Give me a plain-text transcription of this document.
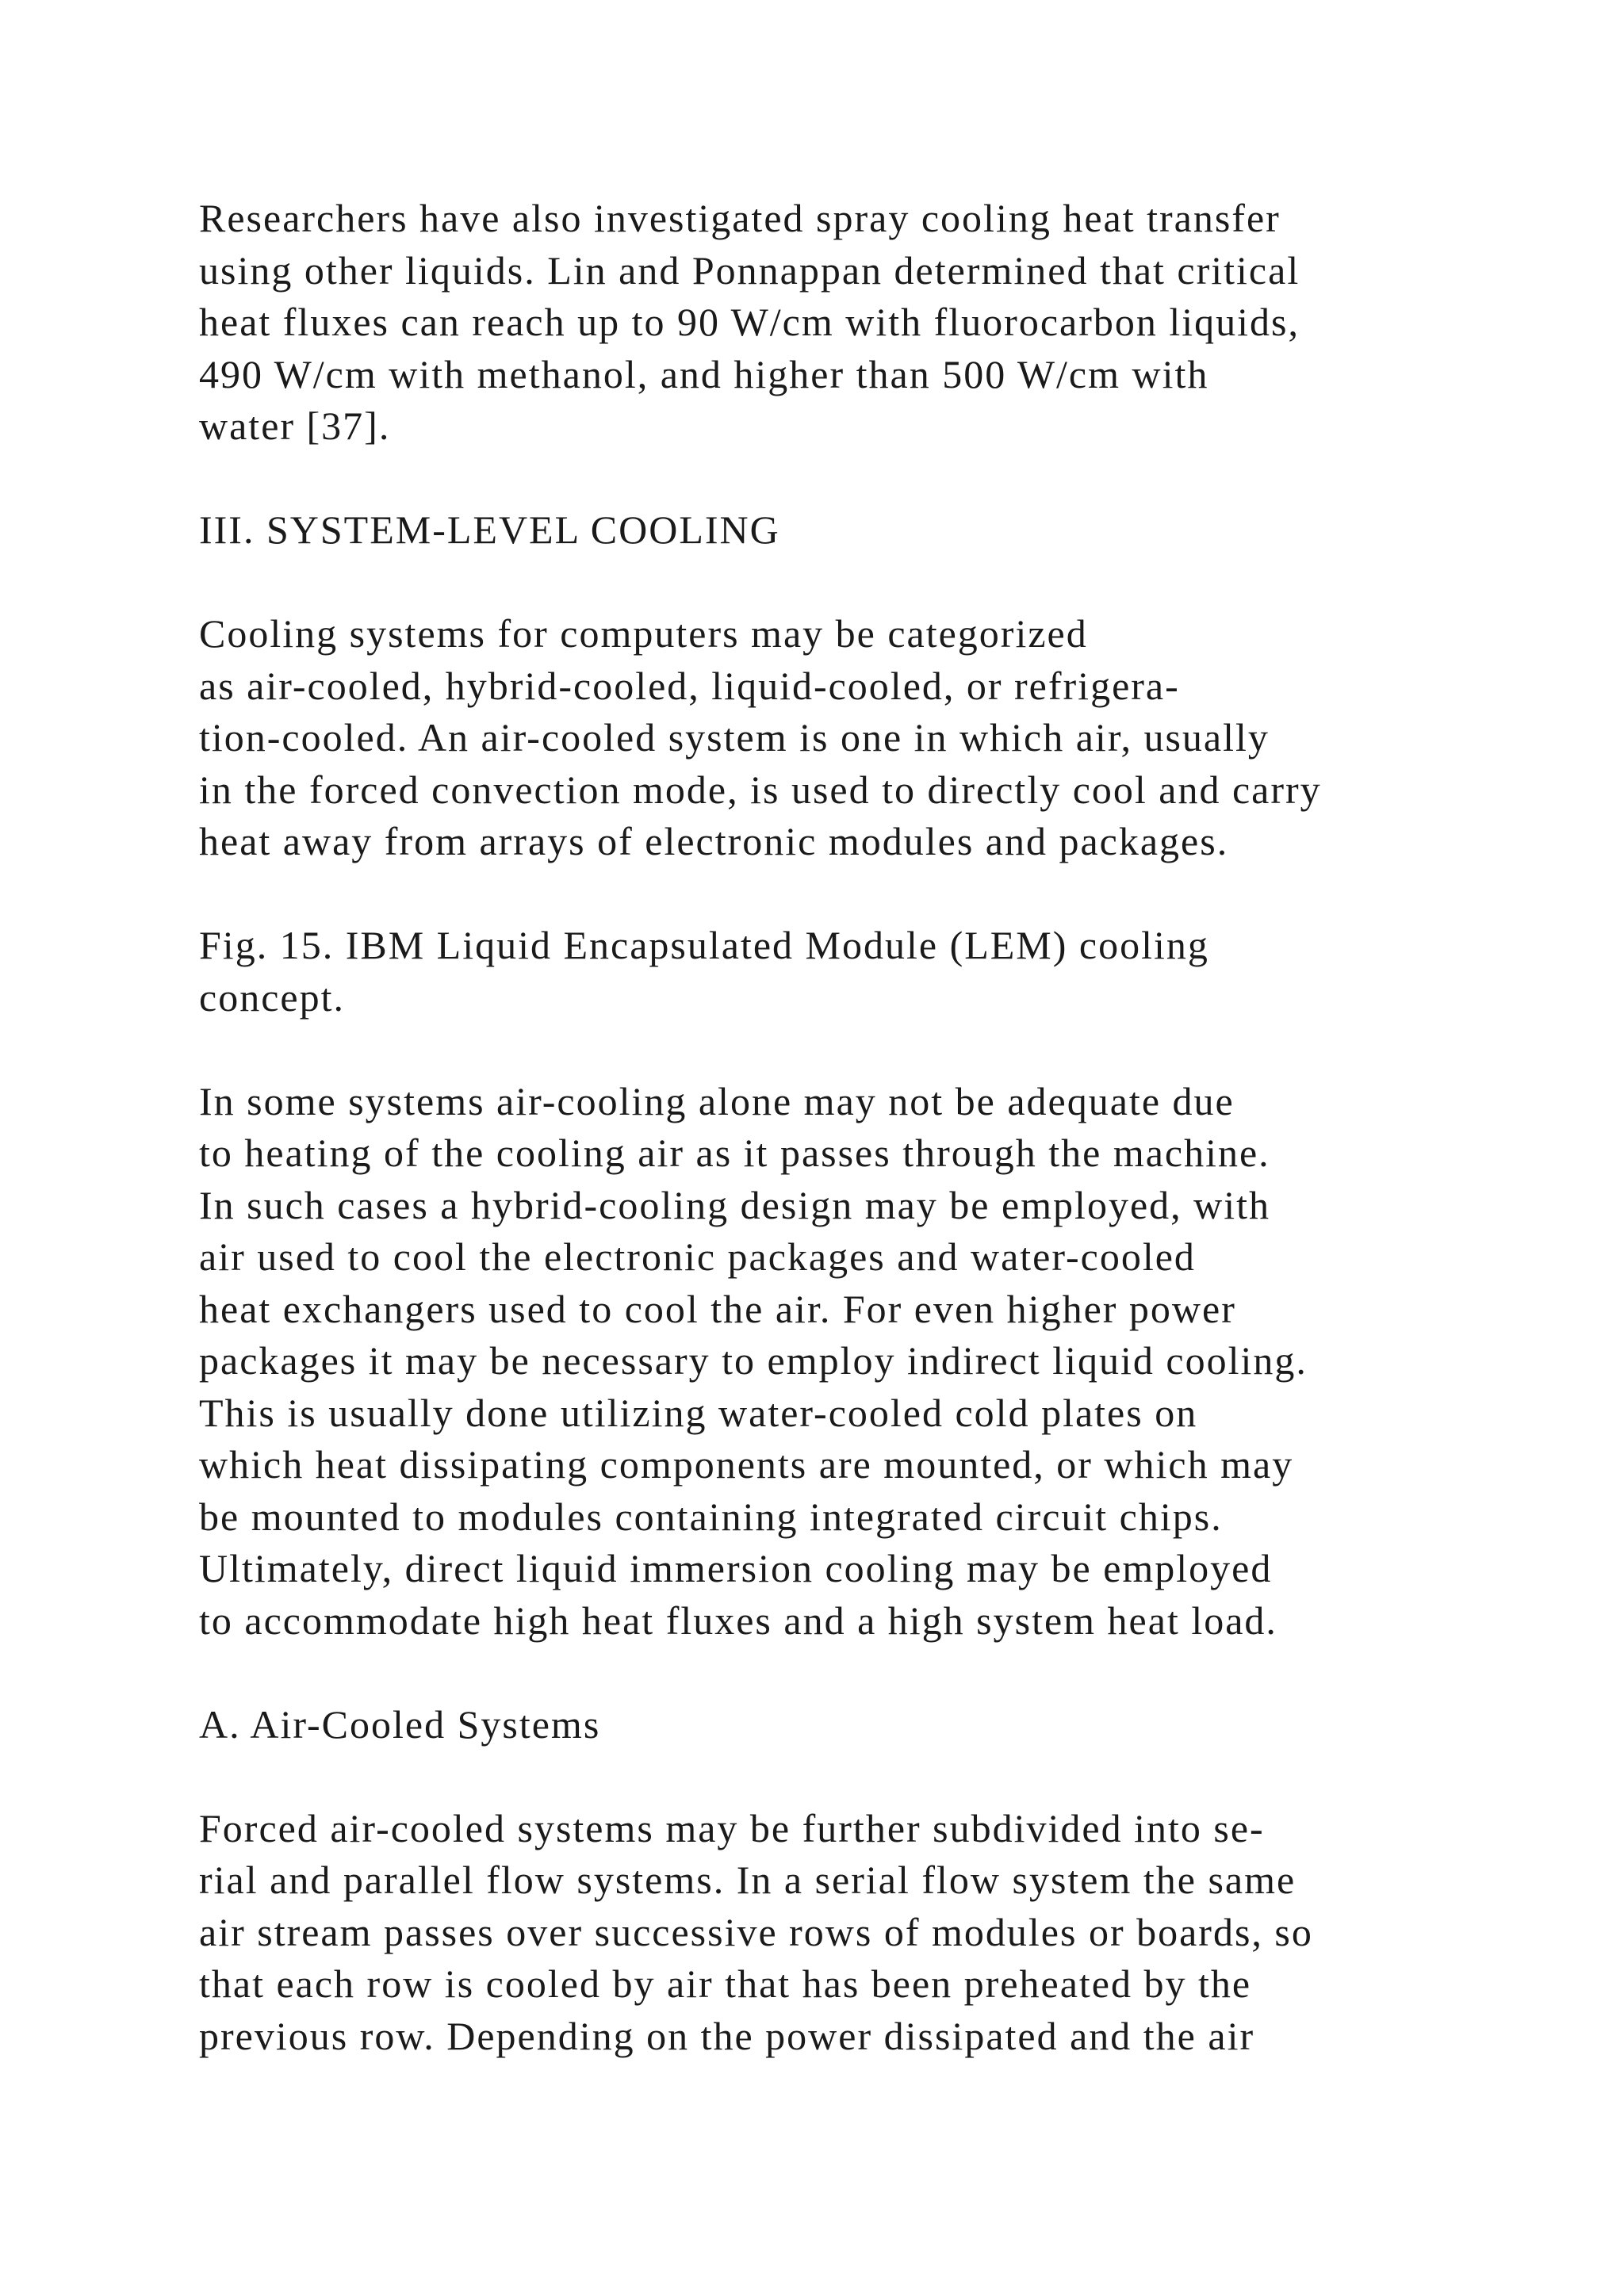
Researchers have also investigated spray cooling heat transfer
using other liquids. Lin and Ponnappan determined that critical
heat fluxes can reach up to 90 W/cm with fluorocarbon liquids,
490 W/cm with methanol, and higher than 500 W/cm with
water [37].
III. SYSTEM-LEVEL COOLING
Cooling systems for computers may be categorized
as air-cooled, hybrid-cooled, liquid-cooled, or refrigera-
tion-cooled. An air-cooled system is one in which air, usually
in the forced convection mode, is used to directly cool and carry
heat away from arrays of electronic modules and packages.
Fig. 15. IBM Liquid Encapsulated Module (LEM) cooling
concept.
In some systems air-cooling alone may not be adequate due
to heating of the cooling air as it passes through the machine.
In such cases a hybrid-cooling design may be employed, with
air used to cool the electronic packages and water-cooled
heat exchangers used to cool the air. For even higher power
packages it may be necessary to employ indirect liquid cooling.
This is usually done utilizing water-cooled cold plates on
which heat dissipating components are mounted, or which may
be mounted to modules containing integrated circuit chips.
Ultimately, direct liquid immersion cooling may be employed
to accommodate high heat fluxes and a high system heat load.
A. Air-Cooled Systems
Forced air-cooled systems may be further subdivided into se-
rial and parallel flow systems. In a serial flow system the same
air stream passes over successive rows of modules or boards, so
that each row is cooled by air that has been preheated by the
previous row. Depending on the power dissipated and the air
